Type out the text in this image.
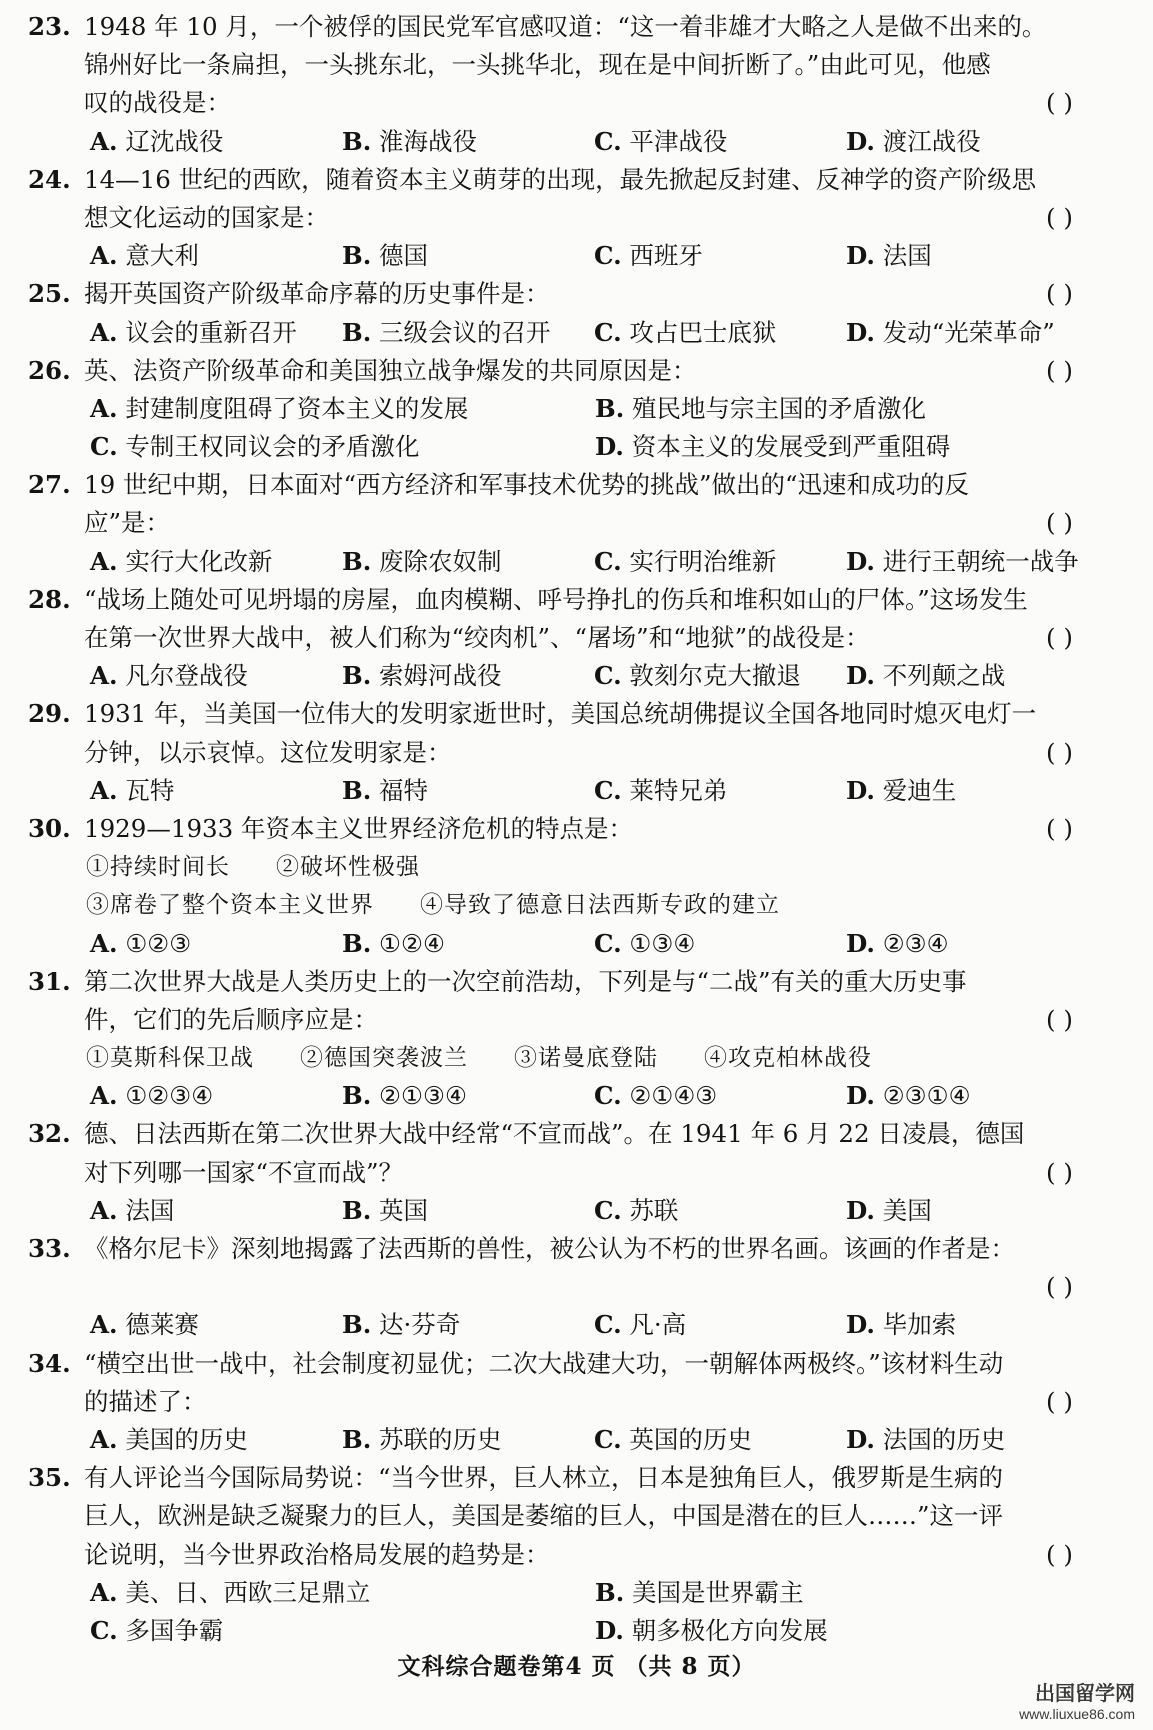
23. 1948 年 10 月，一个被俘的国民党军官感叹道：“这一着非雄才大略之人是做不出来的。
锦州好比一条扁担，一头挑东北，一头挑华北，现在是中间折断了。”由此可见，他感
叹的战役是：	( )
A. 辽沈战役	B. 淮海战役	C. 平津战役	D. 渡江战役
24. 14—16 世纪的西欧，随着资本主义萌芽的出现，最先掀起反封建、反神学的资产阶级思
想文化运动的国家是：	( )
A. 意大利	B. 德国	C. 西班牙	D. 法国
25. 揭开英国资产阶级革命序幕的历史事件是：	( )
A. 议会的重新召开 B. 三级会议的召开 C. 攻占巴士底狱	D. 发动“光荣革命”
26. 英、法资产阶级革命和美国独立战争爆发的共同原因是：	( )
A. 封建制度阻碍了资本主义的发展	B. 殖民地与宗主国的矛盾激化
C. 专制王权同议会的矛盾激化	D. 资本主义的发展受到严重阻碍
27. 19 世纪中期，日本面对“西方经济和军事技术优势的挑战”做出的“迅速和成功的反
应”是：	( )
A. 实行大化改新	B. 废除农奴制	C. 实行明治维新	D. 进行王朝统一战争
28. “战场上随处可见坍塌的房屋，血肉模糊、呼号挣扎的伤兵和堆积如山的尸体。”这场发生
在第一次世界大战中，被人们称为“绞肉机”、“屠场”和“地狱”的战役是：	( )
A. 凡尔登战役	B. 索姆河战役	C. 敦刻尔克大撤退 D. 不列颠之战
29. 1931 年，当美国一位伟大的发明家逝世时，美国总统胡佛提议全国各地同时熄灭电灯一
分钟，以示哀悼。这位发明家是：	( )
A. 瓦特	B. 福特	C. 莱特兄弟	D. 爱迪生
30. 1929—1933 年资本主义世界经济危机的特点是：	( )
①持续时间长 ②破坏性极强
③席卷了整个资本主义世界 ④导致了德意日法西斯专政的建立
A. ①②③	B. ①②④	C. ①③④	D. ②③④
31. 第二次世界大战是人类历史上的一次空前浩劫，下列是与“二战”有关的重大历史事
件，它们的先后顺序应是：	( )
①莫斯科保卫战 ②德国突袭波兰 ③诺曼底登陆 ④攻克柏林战役
A. ①②③④	B. ②①③④	C. ②①④③	D. ②③①④
32. 德、日法西斯在第二次世界大战中经常“不宣而战”。在 1941 年 6 月 22 日凌晨，德国
对下列哪一国家“不宣而战”？	( )
A. 法国	B. 英国	C. 苏联	D. 美国
33. 《格尔尼卡》深刻地揭露了法西斯的兽性，被公认为不朽的世界名画。该画的作者是：
( )
A. 德莱赛	B. 达·芬奇	C. 凡·高	D. 毕加索
34. “横空出世一战中，社会制度初显优；二次大战建大功，一朝解体两极终。”该材料生动
的描述了：	( )
A. 美国的历史	B. 苏联的历史	C. 英国的历史	D. 法国的历史
35. 有人评论当今国际局势说：“当今世界，巨人林立，日本是独角巨人，俄罗斯是生病的
巨人，欧洲是缺乏凝聚力的巨人，美国是萎缩的巨人，中国是潜在的巨人……”这一评
论说明，当今世界政治格局发展的趋势是：	( )
A. 美、日、西欧三足鼎立	B. 美国是世界霸主
C. 多国争霸	D. 朝多极化方向发展
文科综合题卷第4 页 （共 8 页）
出国留学网
www.liuxue86.com
